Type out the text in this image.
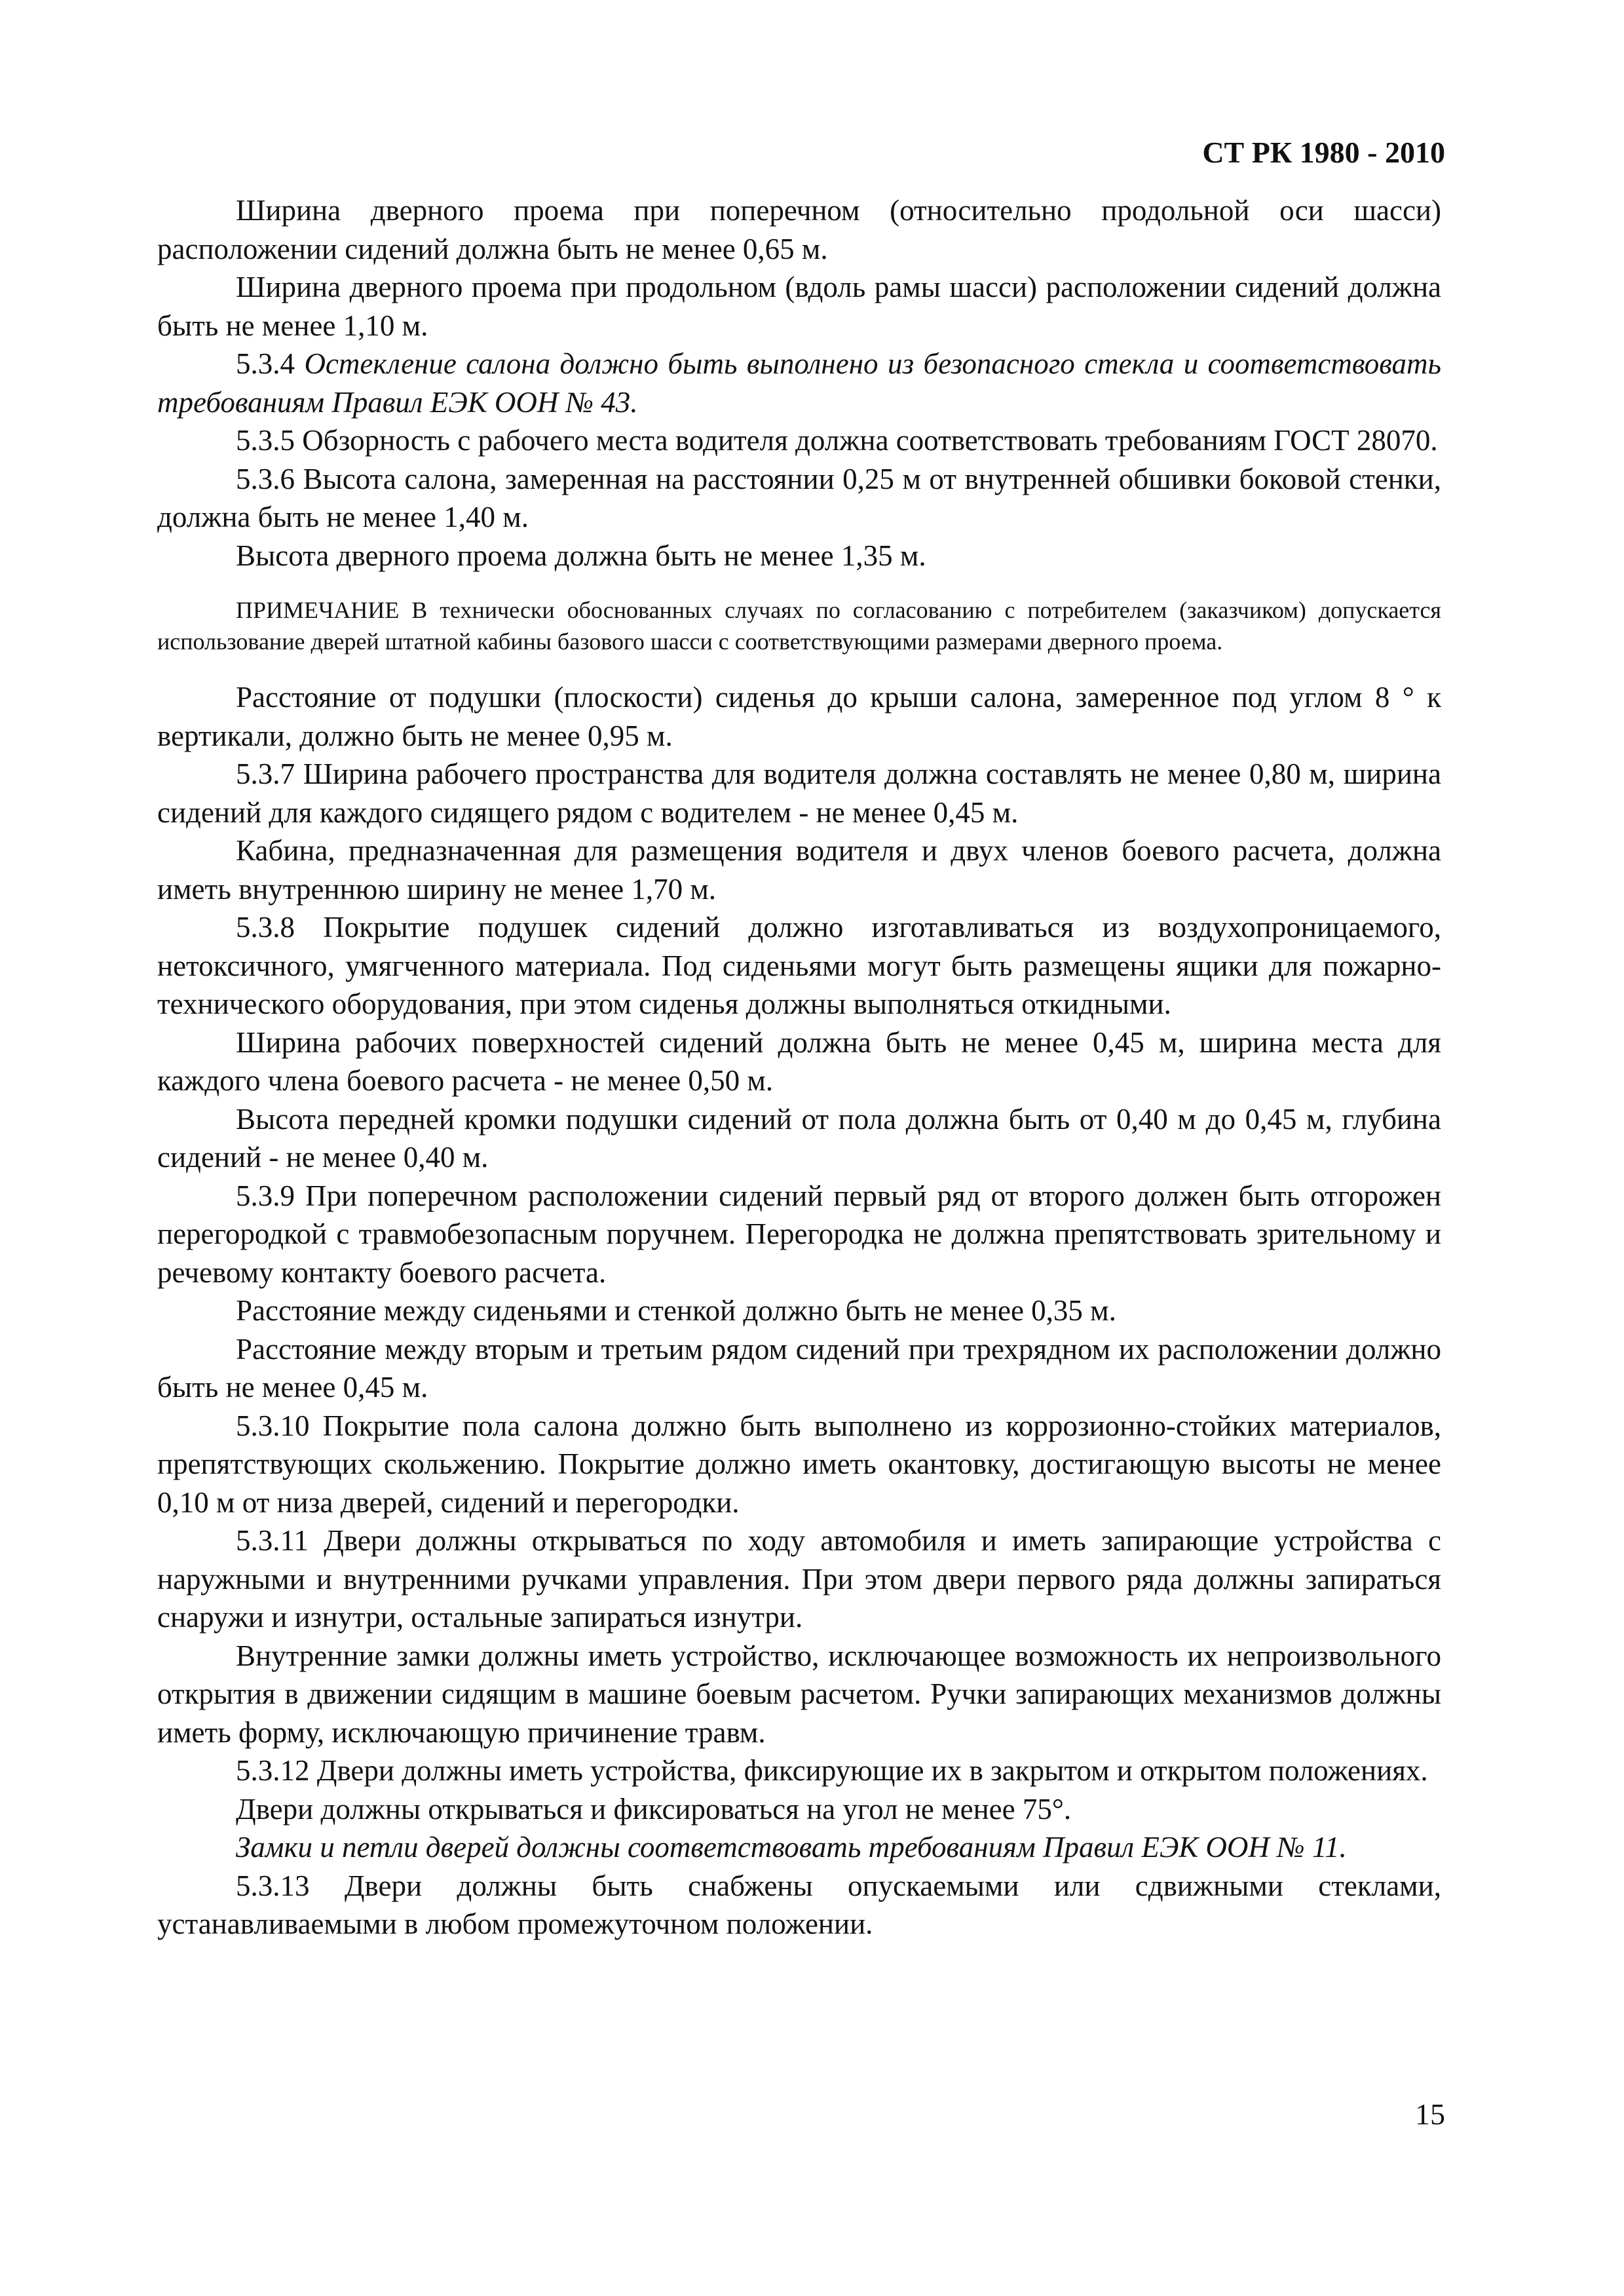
СТ РК 1980 - 2010

Ширина дверного проема при поперечном (относительно продольной оси шасси) расположении сидений должна быть не менее 0,65 м.

Ширина дверного проема при продольном (вдоль рамы шасси) расположении сидений должна быть не менее 1,10 м.

5.3.4 Остекление салона должно быть выполнено из безопасного стекла и соответствовать требованиям Правил ЕЭК ООН № 43.

5.3.5 Обзорность с рабочего места водителя должна соответствовать требованиям ГОСТ 28070.

5.3.6 Высота салона, замеренная на расстоянии 0,25 м от внутренней обшивки боковой стенки, должна быть не менее 1,40 м.

Высота дверного проема должна быть не менее 1,35 м.

ПРИМЕЧАНИЕ В технически обоснованных случаях по согласованию с потребителем (заказчиком) допускается использование дверей штатной кабины базового шасси с соответствующими размерами дверного проема.

Расстояние от подушки (плоскости) сиденья до крыши салона, замеренное под углом 8 ° к вертикали, должно быть не менее 0,95 м.

5.3.7 Ширина рабочего пространства для водителя должна составлять не менее 0,80 м, ширина сидений для каждого сидящего рядом с водителем - не менее 0,45 м.

Кабина, предназначенная для размещения водителя и двух членов боевого расчета, должна иметь внутреннюю ширину не менее 1,70 м.

5.3.8 Покрытие подушек сидений должно изготавливаться из воздухопроницаемого, нетоксичного, умягченного материала. Под сиденьями могут быть размещены ящики для пожарно-технического оборудования, при этом сиденья должны выполняться откидными.

Ширина рабочих поверхностей сидений должна быть не менее 0,45 м, ширина места для каждого члена боевого расчета - не менее 0,50 м.

Высота передней кромки подушки сидений от пола должна быть от 0,40 м до 0,45 м, глубина сидений - не менее 0,40 м.

5.3.9 При поперечном расположении сидений первый ряд от второго должен быть отгорожен перегородкой с травмобезопасным поручнем. Перегородка не должна препятствовать зрительному и речевому контакту боевого расчета.

Расстояние между сиденьями и стенкой должно быть не менее 0,35 м.

Расстояние между вторым и третьим рядом сидений при трехрядном их расположении должно быть не менее 0,45 м.

5.3.10 Покрытие пола салона должно быть выполнено из коррозионно-стойких материалов, препятствующих скольжению. Покрытие должно иметь окантовку, достигающую высоты не менее 0,10 м от низа дверей, сидений и перегородки.

5.3.11 Двери должны открываться по ходу автомобиля и иметь запирающие устройства с наружными и внутренними ручками управления. При этом двери первого ряда должны запираться снаружи и изнутри, остальные запираться изнутри.

Внутренние замки должны иметь устройство, исключающее возможность их непроизвольного открытия в движении сидящим в машине боевым расчетом. Ручки запирающих механизмов должны иметь форму, исключающую причинение травм.

5.3.12 Двери должны иметь устройства, фиксирующие их в закрытом и открытом положениях.

Двери должны открываться и фиксироваться на угол не менее 75°.

Замки и петли дверей должны соответствовать требованиям Правил ЕЭК ООН № 11.

5.3.13 Двери должны быть снабжены опускаемыми или сдвижными стеклами, устанавливаемыми в любом промежуточном положении.

15
